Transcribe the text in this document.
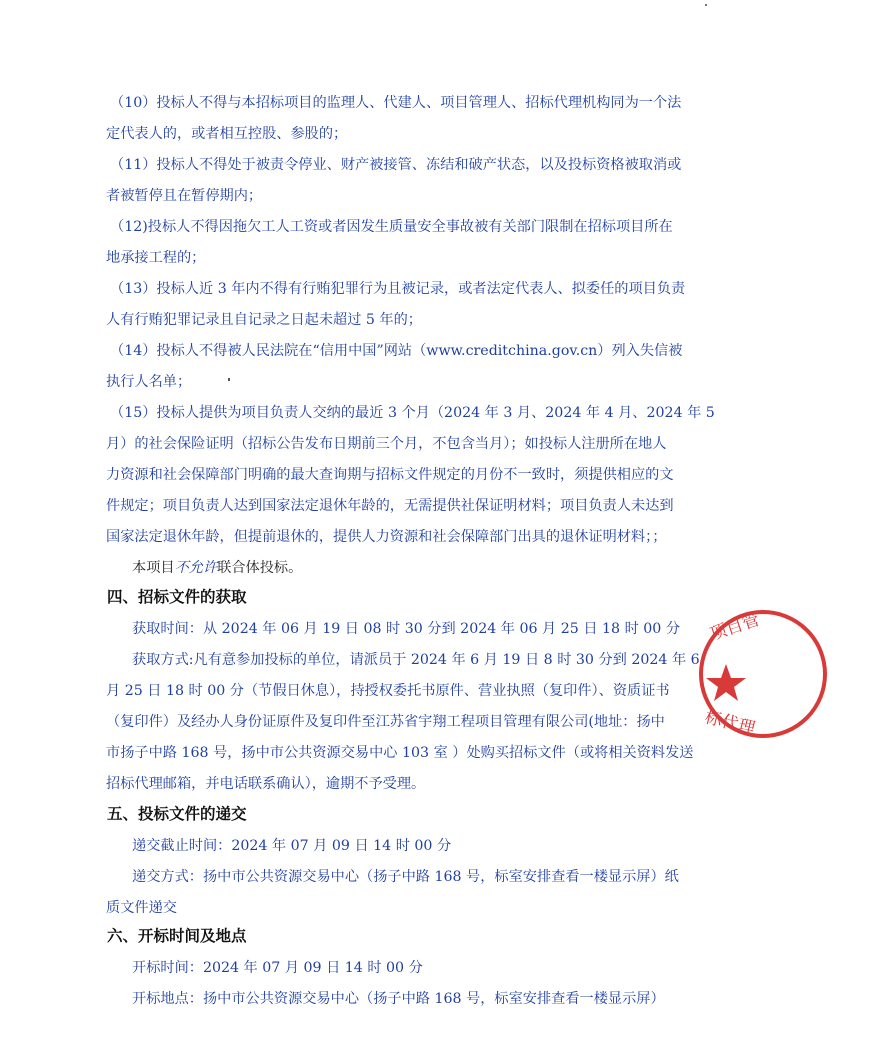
（10）投标人不得与本招标项目的监理人、代建人、项目管理人、招标代理机构同为一个法
定代表人的，或者相互控股、参股的；
（11）投标人不得处于被责令停业、财产被接管、冻结和破产状态，以及投标资格被取消或
者被暂停且在暂停期内；
（12)投标人不得因拖欠工人工资或者因发生质量安全事故被有关部门限制在招标项目所在
地承接工程的；
（13）投标人近 3 年内不得有行贿犯罪行为且被记录，或者法定代表人、拟委任的项目负责
人有行贿犯罪记录且自记录之日起未超过 5 年的；
（14）投标人不得被人民法院在“信用中国”网站（www.creditchina.gov.cn）列入失信被
执行人名单；
（15）投标人提供为项目负责人交纳的最近 3 个月（2024 年 3 月、2024 年 4 月、2024 年 5
月）的社会保险证明（招标公告发布日期前三个月，不包含当月）；如投标人注册所在地人
力资源和社会保障部门明确的最大查询期与招标文件规定的月份不一致时，须提供相应的文
件规定；项目负责人达到国家法定退休年龄的，无需提供社保证明材料；项目负责人未达到
国家法定退休年龄，但提前退休的，提供人力资源和社会保障部门出具的退休证明材料；；
本项目不允许联合体投标。
四、招标文件的获取
获取时间：从 2024 年 06 月 19 日 08 时 30 分到 2024 年 06 月 25 日 18 时 00 分
获取方式:凡有意参加投标的单位，请派员于 2024 年 6 月 19 日 8 时 30 分到 2024 年 6
月 25 日 18 时 00 分（节假日休息），持授权委托书原件、营业执照（复印件）、资质证书
（复印件）及经办人身份证原件及复印件至江苏省宇翔工程项目管理有限公司(地址：扬中
市扬子中路 168 号，扬中市公共资源交易中心 103 室 ）处购买招标文件（或将相关资料发送
招标代理邮箱，并电话联系确认），逾期不予受理。
五、投标文件的递交
递交截止时间：2024 年 07 月 09 日 14 时 00 分
递交方式：扬中市公共资源交易中心（扬子中路 168 号，标室安排查看一楼显示屏）纸
质文件递交
六、开标时间及地点
开标时间：2024 年 07 月 09 日 14 时 00 分
开标地点：扬中市公共资源交易中心（扬子中路 168 号，标室安排查看一楼显示屏）
项目管
标代理
